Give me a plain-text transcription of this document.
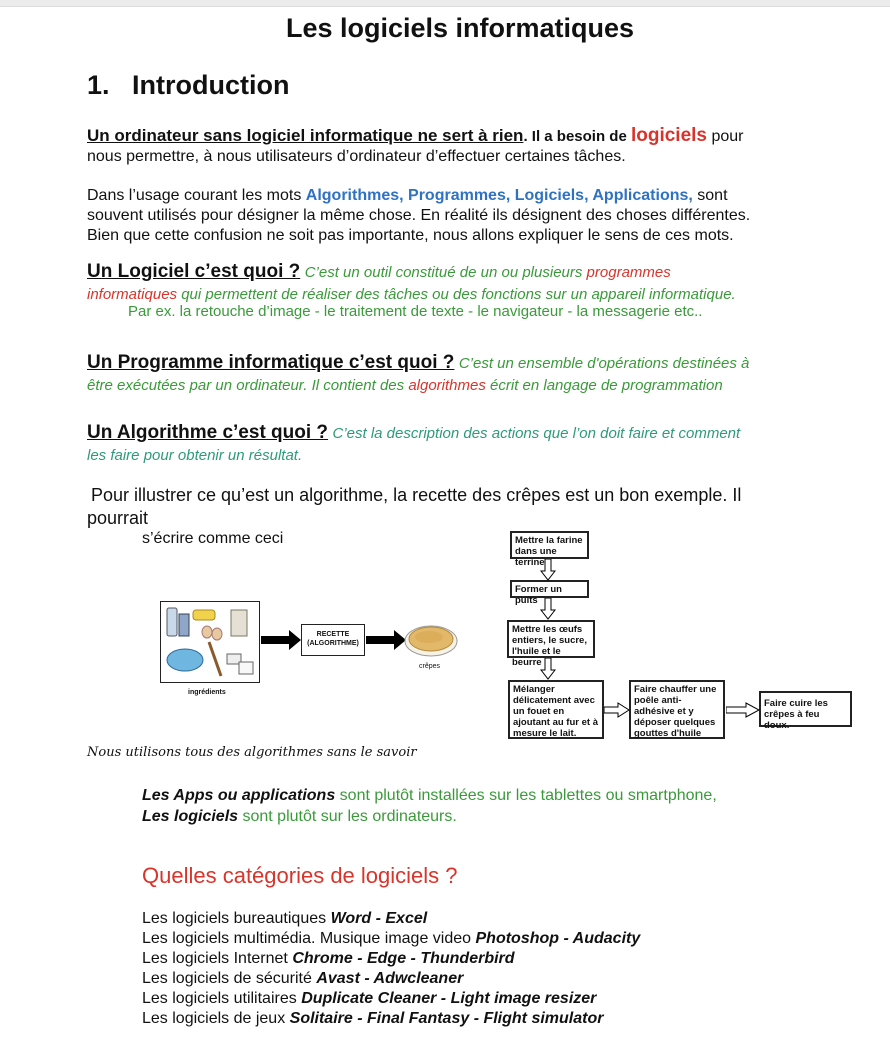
Les logiciels informatiques
1. Introduction
Un ordinateur sans logiciel informatique ne sert à rien. Il a besoin de logiciels pour
nous permettre, à nous utilisateurs d’ordinateur d’effectuer certaines tâches.
Dans l’usage courant les mots Algorithmes, Programmes, Logiciels, Applications, sont
souvent utilisés pour désigner la même chose. En réalité ils désignent des choses différentes.
Bien que cette confusion ne soit pas importante, nous allons expliquer le sens de ces mots.
Un Logiciel c’est quoi ? C’est un outil constitué de un ou plusieurs programmes
informatiques qui permettent de réaliser des tâches ou des fonctions sur un appareil informatique.
Par ex. la retouche d’image - le traitement de texte - le navigateur - la messagerie etc..
Un Programme informatique c’est quoi ? C’est un ensemble d'opérations destinées à
être exécutées par un ordinateur. Il contient des algorithmes écrit en langage de programmation
Un Algorithme c’est quoi ? C’est la description des actions que l’on doit faire et comment
les faire pour obtenir un résultat.
Pour illustrer ce qu’est un algorithme, la recette des crêpes est un bon exemple. Il
pourrait
s’écrire comme ceci
ingrédients
RECETTE (ALGORITHME)
crêpes
Mettre la farine dans une terrine
Former un puits
Mettre les œufs entiers, le sucre, l'huile et le beurre
Mélanger délicatement avec un fouet en ajoutant au fur et à mesure le lait.
Faire chauffer une poêle anti-adhésive et y déposer quelques gouttes d'huile
Faire cuire les crêpes à feu doux.
Nous utilisons tous des algorithmes sans le savoir
Les Apps ou applications sont plutôt installées sur les tablettes ou smartphone,
Les logiciels sont plutôt sur les ordinateurs.
Quelles catégories de logiciels ?
Les logiciels bureautiques Word - Excel
Les logiciels multimédia. Musique image video Photoshop - Audacity
Les logiciels Internet Chrome - Edge - Thunderbird
Les logiciels de sécurité Avast - Adwcleaner
Les logiciels utilitaires Duplicate Cleaner - Light image resizer
Les logiciels de jeux Solitaire - Final Fantasy - Flight simulator
